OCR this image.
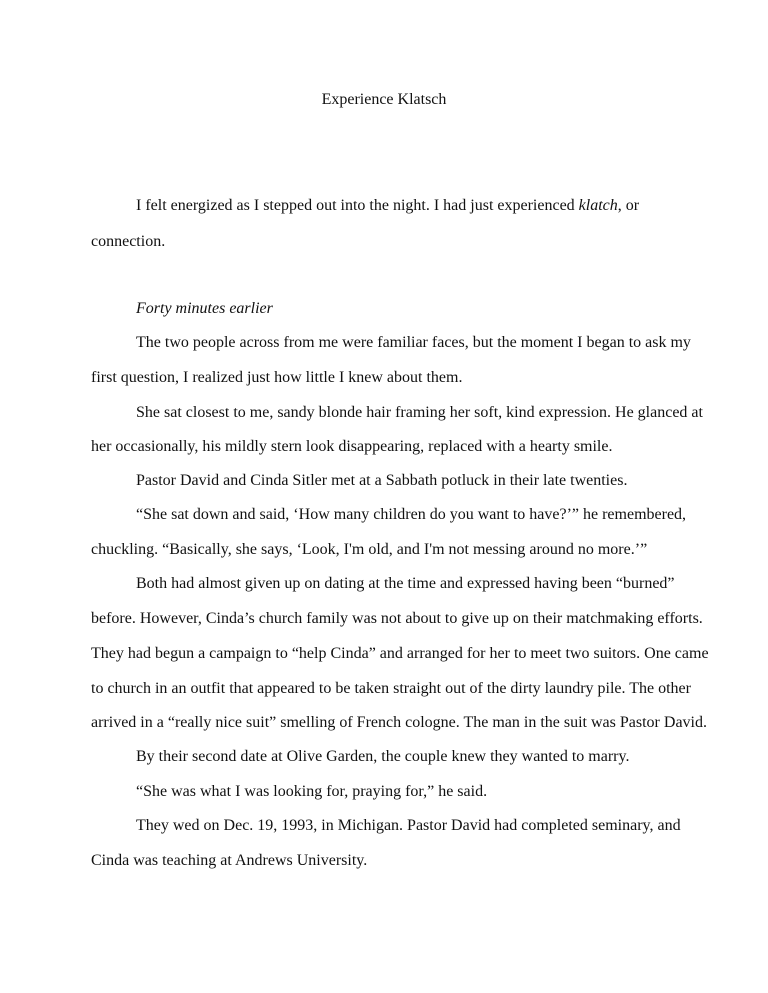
Experience Klatsch
I felt energized as I stepped out into the night. I had just experienced klatch, or
connection.
Forty minutes earlier
The two people across from me were familiar faces, but the moment I began to ask my
first question, I realized just how little I knew about them.
She sat closest to me, sandy blonde hair framing her soft, kind expression. He glanced at
her occasionally, his mildly stern look disappearing, replaced with a hearty smile.
Pastor David and Cinda Sitler met at a Sabbath potluck in their late twenties.
“She sat down and said, ‘How many children do you want to have?’” he remembered,
chuckling. “Basically, she says, ‘Look, I'm old, and I'm not messing around no more.’”
Both had almost given up on dating at the time and expressed having been “burned”
before. However, Cinda’s church family was not about to give up on their matchmaking efforts.
They had begun a campaign to “help Cinda” and arranged for her to meet two suitors. One came
to church in an outfit that appeared to be taken straight out of the dirty laundry pile. The other
arrived in a “really nice suit” smelling of French cologne. The man in the suit was Pastor David.
By their second date at Olive Garden, the couple knew they wanted to marry.
“She was what I was looking for, praying for,” he said.
They wed on Dec. 19, 1993, in Michigan. Pastor David had completed seminary, and
Cinda was teaching at Andrews University.
